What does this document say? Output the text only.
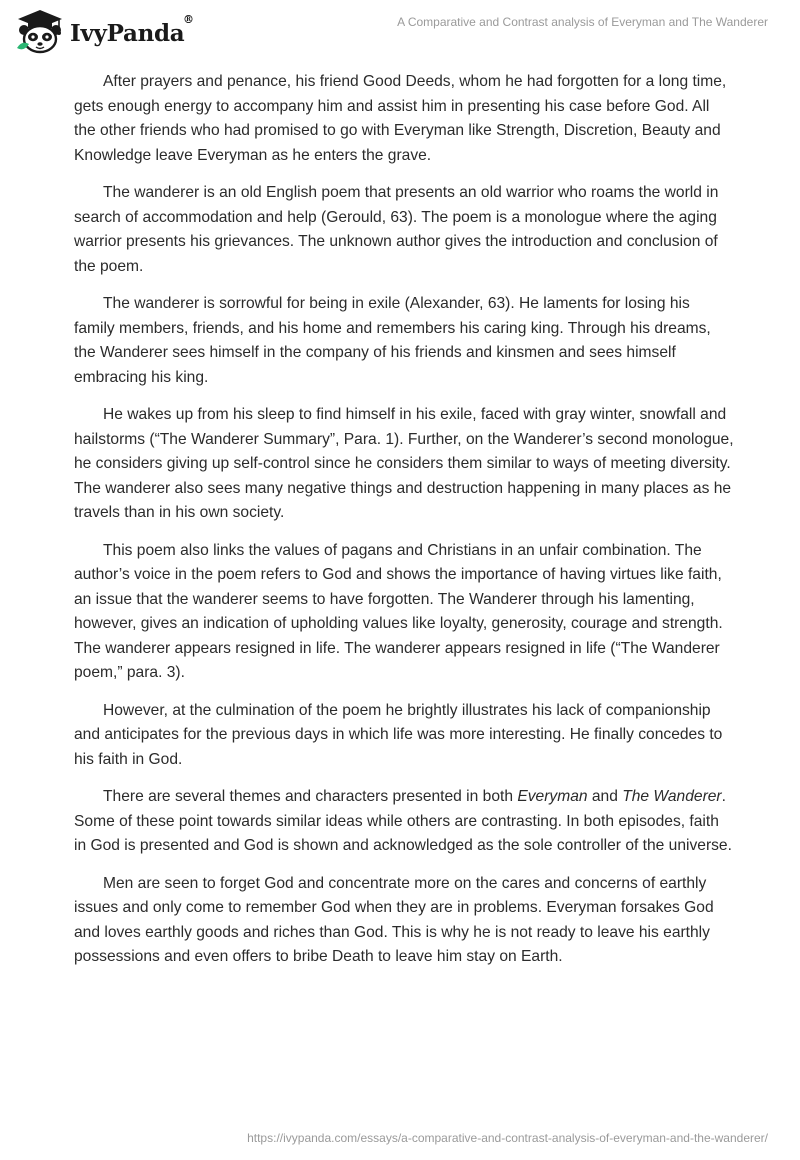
IvyPanda
®	A Comparative and Contrast analysis of Everyman and The Wanderer

After prayers and penance, his friend Good Deeds, whom he had forgotten for a long time, gets enough energy to accompany him and assist him in presenting his case before God. All the other friends who had promised to go with Everyman like Strength, Discretion, Beauty and Knowledge leave Everyman as he enters the grave.

The wanderer is an old English poem that presents an old warrior who roams the world in search of accommodation and help (Gerould, 63). The poem is a monologue where the aging warrior presents his grievances. The unknown author gives the introduction and conclusion of the poem.

The wanderer is sorrowful for being in exile (Alexander, 63). He laments for losing his family members, friends, and his home and remembers his caring king. Through his dreams, the Wanderer sees himself in the company of his friends and kinsmen and sees himself embracing his king.

He wakes up from his sleep to find himself in his exile, faced with gray winter, snowfall and hailstorms (“The Wanderer Summary”, Para. 1). Further, on the Wanderer’s second monologue, he considers giving up self-control since he considers them similar to ways of meeting diversity. The wanderer also sees many negative things and destruction happening in many places as he travels than in his own society.

This poem also links the values of pagans and Christians in an unfair combination. The author’s voice in the poem refers to God and shows the importance of having virtues like faith, an issue that the wanderer seems to have forgotten. The Wanderer through his lamenting, however, gives an indication of upholding values like loyalty, generosity, courage and strength. The wanderer appears resigned in life. The wanderer appears resigned in life (“The Wanderer poem,” para. 3).

However, at the culmination of the poem he brightly illustrates his lack of companionship and anticipates for the previous days in which life was more interesting. He finally concedes to his faith in God.

There are several themes and characters presented in both Everyman and The Wanderer. Some of these point towards similar ideas while others are contrasting. In both episodes, faith in God is presented and God is shown and acknowledged as the sole controller of the universe.

Men are seen to forget God and concentrate more on the cares and concerns of earthly issues and only come to remember God when they are in problems. Everyman forsakes God and loves earthly goods and riches than God. This is why he is not ready to leave his earthly possessions and even offers to bribe Death to leave him stay on Earth.

https://ivypanda.com/essays/a-comparative-and-contrast-analysis-of-everyman-and-the-wanderer/
